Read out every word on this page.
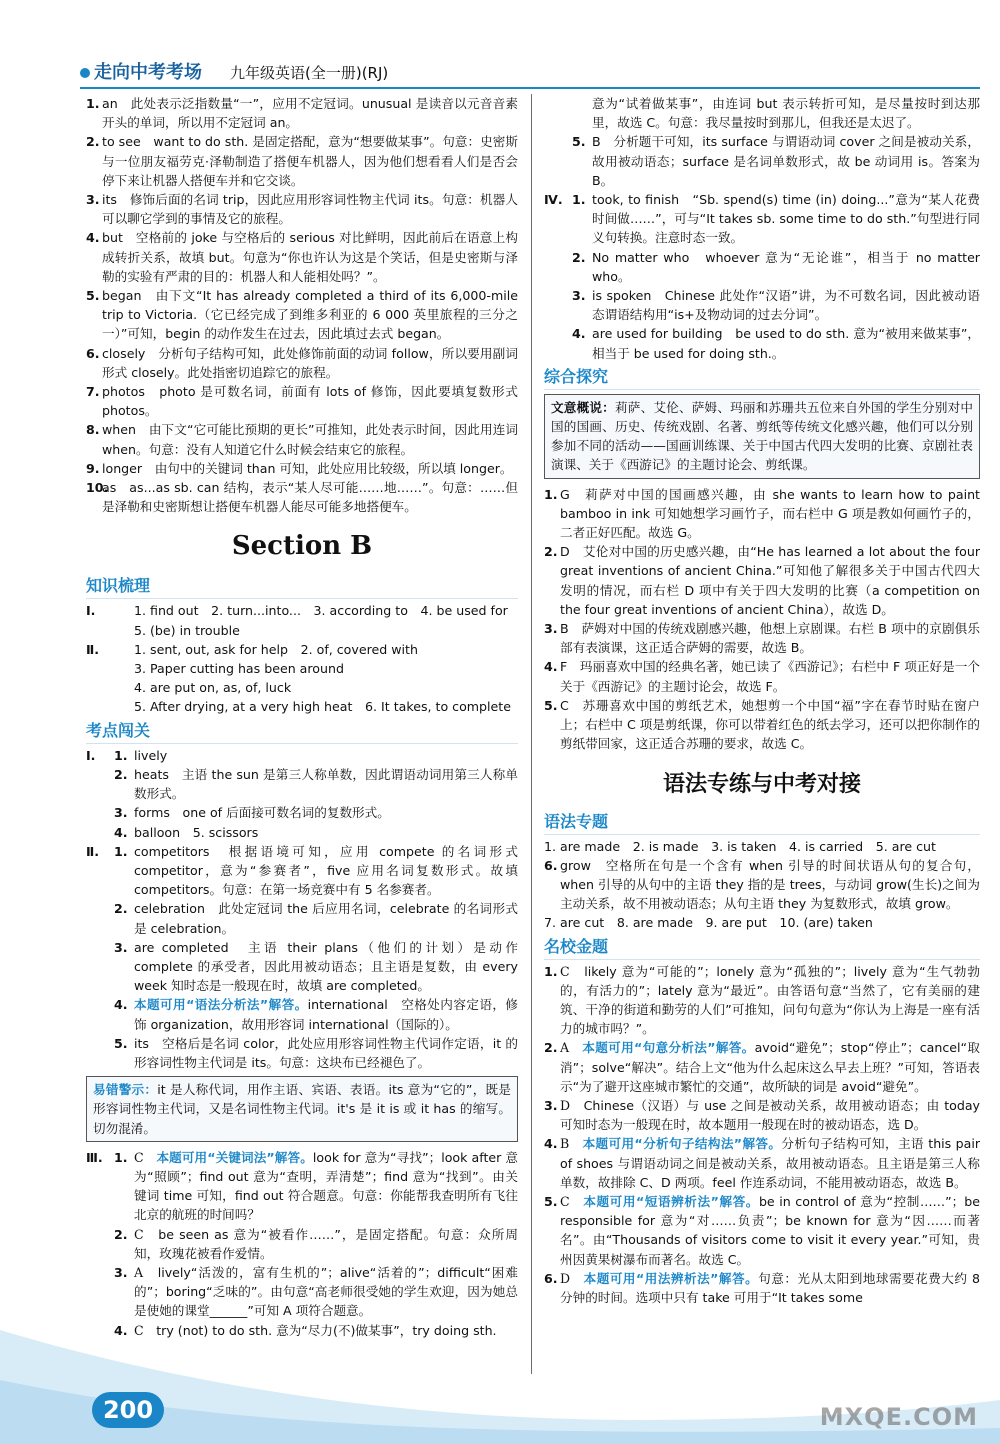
走向中考考场 九年级英语(全一册)(RJ)
1. an　此处表示泛指数量“一”，应用不定冠词。unusual 是读音以元音音素开头的单词，所以用不定冠词 an。
2. to see　want to do sth. 是固定搭配，意为“想要做某事”。句意：史密斯与一位朋友福劳克·泽勒制造了搭便车机器人，因为他们想看看人们是否会停下来让机器人搭便车并和它交谈。
3. its　修饰后面的名词 trip，因此应用形容词性物主代词 its。句意：机器人可以聊它学到的事情及它的旅程。
4. but　空格前的 joke 与空格后的 serious 对比鲜明，因此前后在语意上构成转折关系，故填 but。句意为“你也许认为这是个笑话，但是史密斯与泽勒的实验有严肃的目的：机器人和人能相处吗？”。
5. began　由下文“It has already completed a third of its 6,000-mile trip to Victoria.（它已经完成了到维多利亚的 6 000 英里旅程的三分之一）”可知，begin 的动作发生在过去，因此填过去式 began。
6. closely　分析句子结构可知，此处修饰前面的动词 follow，所以要用副词形式 closely。此处指密切追踪它的旅程。
7. photos　photo 是可数名词，前面有 lots of 修饰，因此要填复数形式 photos。
8. when　由下文“它可能比预期的更长”可推知，此处表示时间，因此用连词 when。句意：没有人知道它什么时候会结束它的旅程。
9. longer　由句中的关键词 than 可知，此处应用比较级，所以填 longer。
10.
as　as...as sb. can 结构，表示“某人尽可能……地……”。句意：……但是泽勒和史密斯想让搭便车机器人能尽可能多地搭便车。
Section B
知识梳理
Ⅰ.	1. find out　2. turn...into...　3. according to　4. be used for
5. (be) in trouble
Ⅱ.	1. sent, out, ask for help　2. of, covered with
3. Paper cutting has been around
4. are put on, as, of, luck
5. After drying, at a very high heat　6. It takes, to complete
考点闯关
Ⅰ. 1. lively
2. heats　主语 the sun 是第三人称单数，因此谓语动词用第三人称单数形式。
3. forms　one of 后面接可数名词的复数形式。
4. balloon　5. scissors
Ⅱ. 1. competitors　根据语境可知，应用 compete 的名词形式 competitor，意为“参赛者”，five 应用名词复数形式。故填 competitors。句意：在第一场竞赛中有 5 名参赛者。
2. celebration　此处定冠词 the 后应用名词，celebrate 的名词形式是 celebration。
3. are completed　主语 their plans（他们的计划）是动作 complete 的承受者，因此用被动语态；且主语是复数，由 every week 知时态是一般现在时，故填 are completed。
4. 本题可用“语法分析法”解答。international　空格处内容定语，修饰 organization，故用形容词 international（国际的）。
5. its　空格后是名词 color，此处应用形容词性物主代词作定语，it 的形容词性物主代词是 its。句意：这块布已经褪色了。
易错警示：it 是人称代词，用作主语、宾语、表语。its 意为“它的”，既是形容词性物主代词，又是名词性物主代词。it's 是 it is 或 it has 的缩写。切勿混淆。
Ⅲ. 1. C　本题可用“关键词法”解答。look for 意为“寻找”；look after 意为“照顾”；find out 意为“查明，弄清楚”；find 意为“找到”。由关键词 time 可知，find out 符合题意。句意：你能帮我查明所有飞往北京的航班的时间吗？
2. C　be seen as 意为“被看作……”，是固定搭配。句意：众所周知，玫瑰花被看作爱情。
3. A　lively“活泼的，富有生机的”；alive“活着的”；difficult“困难的”；boring“乏味的”。由句意“高老师很受她的学生欢迎，因为她总是使她的课堂______”可知 A 项符合题意。
4. C　try (not) to do sth. 意为“尽力(不)做某事”，try doing sth.
意为“试着做某事”，由连词 but 表示转折可知，是尽量按时到达那里，故选 C。句意：我尽量按时到那儿，但我还是太迟了。
5. B　分析题干可知，its surface 与谓语动词 cover 之间是被动关系，故用被动语态；surface 是名词单数形式，故 be 动词用 is。答案为 B。
Ⅳ. 1. took, to finish　“Sb. spend(s) time (in) doing...”意为“某人花费时间做……”，可与“It takes sb. some time to do sth.”句型进行同义句转换。注意时态一致。
2. No matter who　whoever 意为“无论谁”，相当于 no matter who。
3. is spoken　Chinese 此处作“汉语”讲，为不可数名词，因此被动语态谓语结构用“is+及物动词的过去分词”。
4. are used for building　be used to do sth. 意为“被用来做某事”，相当于 be used for doing sth.。
综合探究
文意概说：莉萨、艾伦、萨姆、玛丽和苏珊共五位来自外国的学生分别对中国的国画、历史、传统戏剧、名著、剪纸等传统文化感兴趣，他们可以分别参加不同的活动——国画训练课、关于中国古代四大发明的比赛、京剧社表演课、关于《西游记》的主题讨论会、剪纸课。
1. G　莉萨对中国的国画感兴趣，由 she wants to learn how to paint bamboo in ink 可知她想学习画竹子，而右栏中 G 项是教如何画竹子的，二者正好匹配。故选 G。
2. D　艾伦对中国的历史感兴趣，由“He has learned a lot about the four great inventions of ancient China.”可知他了解很多关于中国古代四大发明的情况，而右栏 D 项中有关于四大发明的比赛（a competition on the four great inventions of ancient China），故选 D。
3. B　萨姆对中国的传统戏剧感兴趣，他想上京剧课。右栏 B 项中的京剧俱乐部有表演课，这正适合萨姆的需要，故选 B。
4. F　玛丽喜欢中国的经典名著，她已读了《西游记》；右栏中 F 项正好是一个关于《西游记》的主题讨论会，故选 F。
5. C　苏珊喜欢中国的剪纸艺术，她想剪一个中国“福”字在春节时贴在窗户上；右栏中 C 项是剪纸课，你可以带着红色的纸去学习，还可以把你制作的剪纸带回家，这正适合苏珊的要求，故选 C。
语法专练与中考对接
语法专题
1. are made　2. is made　3. is taken　4. is carried　5. are cut
6. grow　空格所在句是一个含有 when 引导的时间状语从句的复合句，when 引导的从句中的主语 they 指的是 trees，与动词 grow(生长)之间为主动关系，故不用被动语态；从句主语 they 为复数形式，故填 grow。
7. are cut　8. are made　9. are put　10. (are) taken
名校金题
1. C　likely 意为“可能的”；lonely 意为“孤独的”；lively 意为“生气勃勃的，有活力的”；lately 意为“最近”。由答语句意“当然了，它有美丽的建筑、干净的街道和勤劳的人们”可推知，问句句意为“你认为上海是一座有活力的城市吗？”。
2. A　本题可用“句意分析法”解答。avoid“避免”；stop“停止”；cancel“取消”；solve“解决”。结合上文“他为什么起床这么早去上班？”可知，答语表示“为了避开这座城市繁忙的交通”，故所缺的词是 avoid“避免”。
3. D　Chinese（汉语）与 use 之间是被动关系，故用被动语态；由 today 可知时态为一般现在时，故本题用一般现在时的被动语态，选 D。
4. B　本题可用“分析句子结构法”解答。分析句子结构可知，主语 this pair of shoes 与谓语动词之间是被动关系，故用被动语态。且主语是第三人称单数，故排除 C、D 两项。feel 作连系动词，不能用被动语态，故选 B。
5. C　本题可用“短语辨析法”解答。be in control of 意为“控制……”；be responsible for 意为“对……负责”；be known for 意为“因……而著名”。由“Thousands of visitors come to visit it every year.”可知，贵州因黄果树瀑布而著名。故选 C。
6. D　本题可用“用法辨析法”解答。句意：光从太阳到地球需要花费大约 8 分钟的时间。选项中只有 take 可用于“It takes some
200	MXQE.COM
